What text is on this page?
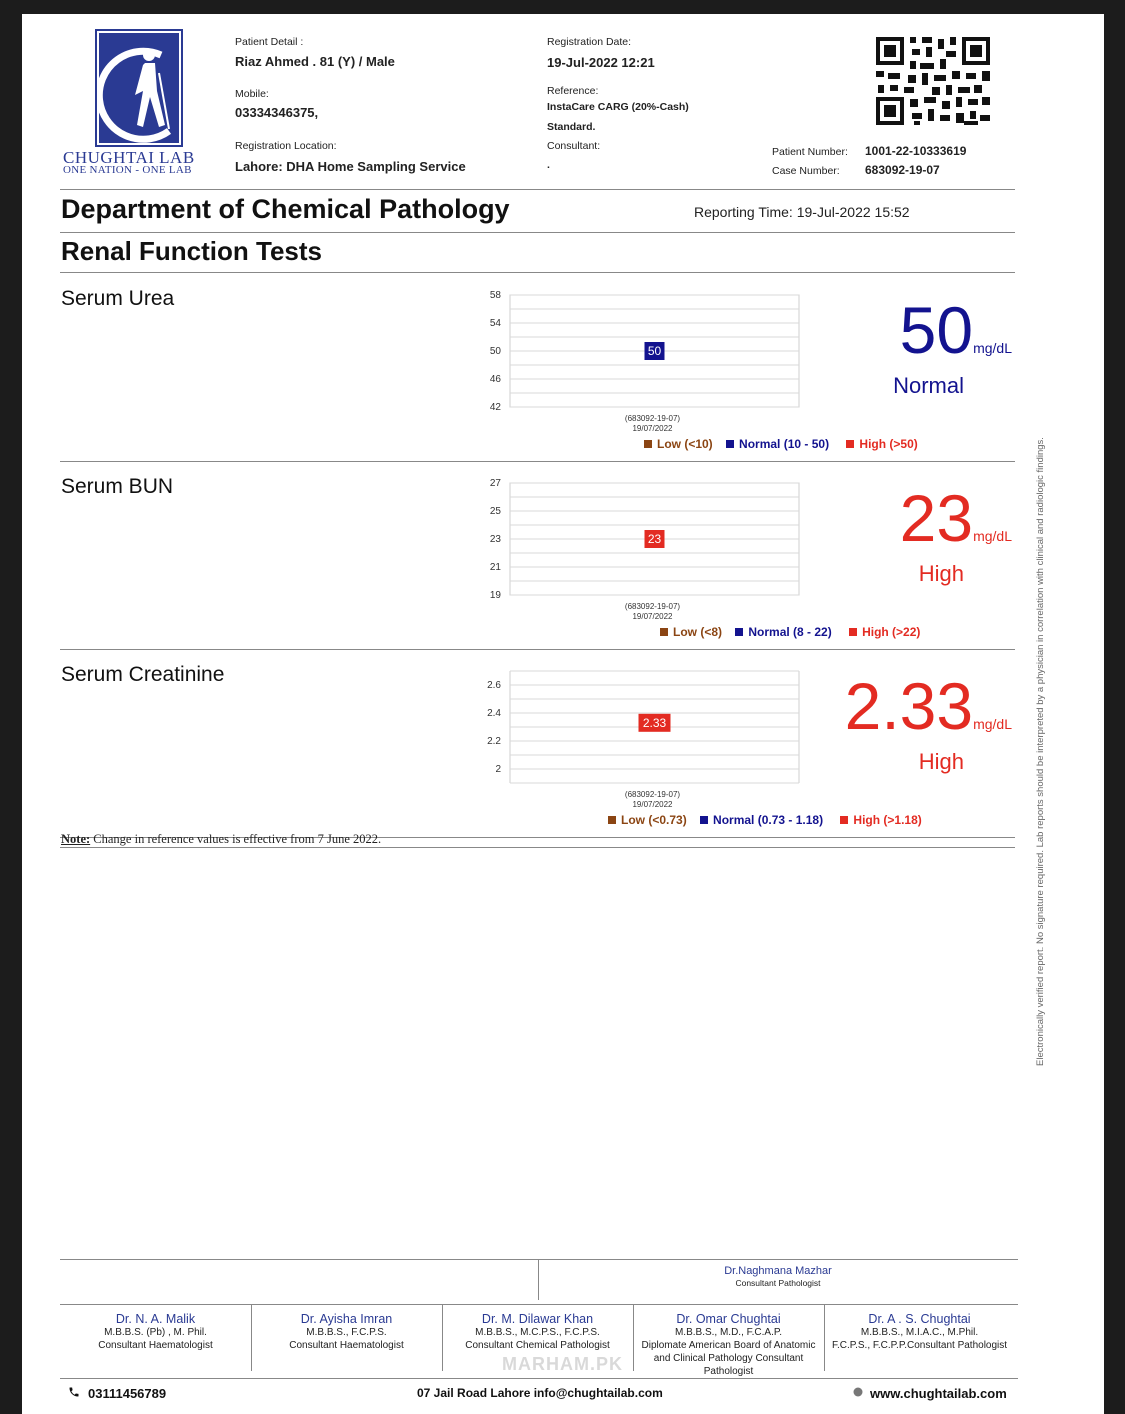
CHUGHTAI LAB
ONE NATION - ONE LAB
Patient Detail :
Riaz Ahmed . 81 (Y) / Male
Mobile:
03334346375,
Registration Location:
Lahore: DHA Home Sampling Service
Registration Date:
19-Jul-2022 12:21
Reference:
InstaCare CARG (20%-Cash)
Standard.
Consultant:
.
Patient Number: 1001-22-10333619
Case Number: 683092-19-07
Department of Chemical Pathology	Reporting Time: 19-Jul-2022 15:52
Renal Function Tests
Serum Urea	50mg/dL
Normal
Low (<10) Normal (10 - 50)	High (>50)
58
54
50
46
42
50
(683092-19-07)
19/07/2022
Serum BUN	23mg/dL
High
Low (<8) Normal (8 - 22)	High (>22)
27
25
23
21
19
23
(683092-19-07)
19/07/2022
Serum Creatinine	2.33mg/dL
High
Low (<0.73) Normal (0.73 - 1.18)	High (>1.18)
2.6
2.4
2.2
2
2.33
(683092-19-07)
19/07/2022
Note: Change in reference values is effective from 7 June 2022.
Dr.Naghmana Mazhar
Consultant Pathologist
Dr. N. A. Malik
M.B.B.S. (Pb) , M. Phil.
Consultant Haematologist
Dr. Ayisha Imran
M.B.B.S., F.C.P.S.
Consultant Haematologist
Dr. M. Dilawar Khan
M.B.B.S., M.C.P.S., F.C.P.S.
Consultant Chemical Pathologist
Dr. Omar Chughtai
M.B.B.S., M.D., F.C.A.P.
Diplomate American Board of Anatomic
and Clinical Pathology Consultant
Pathologist
Dr. A . S. Chughtai
M.B.B.S., M.I.A.C., M.Phil.
F.C.P.S., F.C.P.P.Consultant Pathologist
MARHAM.PK
03111456789	07 Jail Road Lahore info@chughtailab.com	www.chughtailab.com
Electronically verified report. No signature required. Lab reports should be interpreted by a physician in correlation with clinical and radiologic findings.
